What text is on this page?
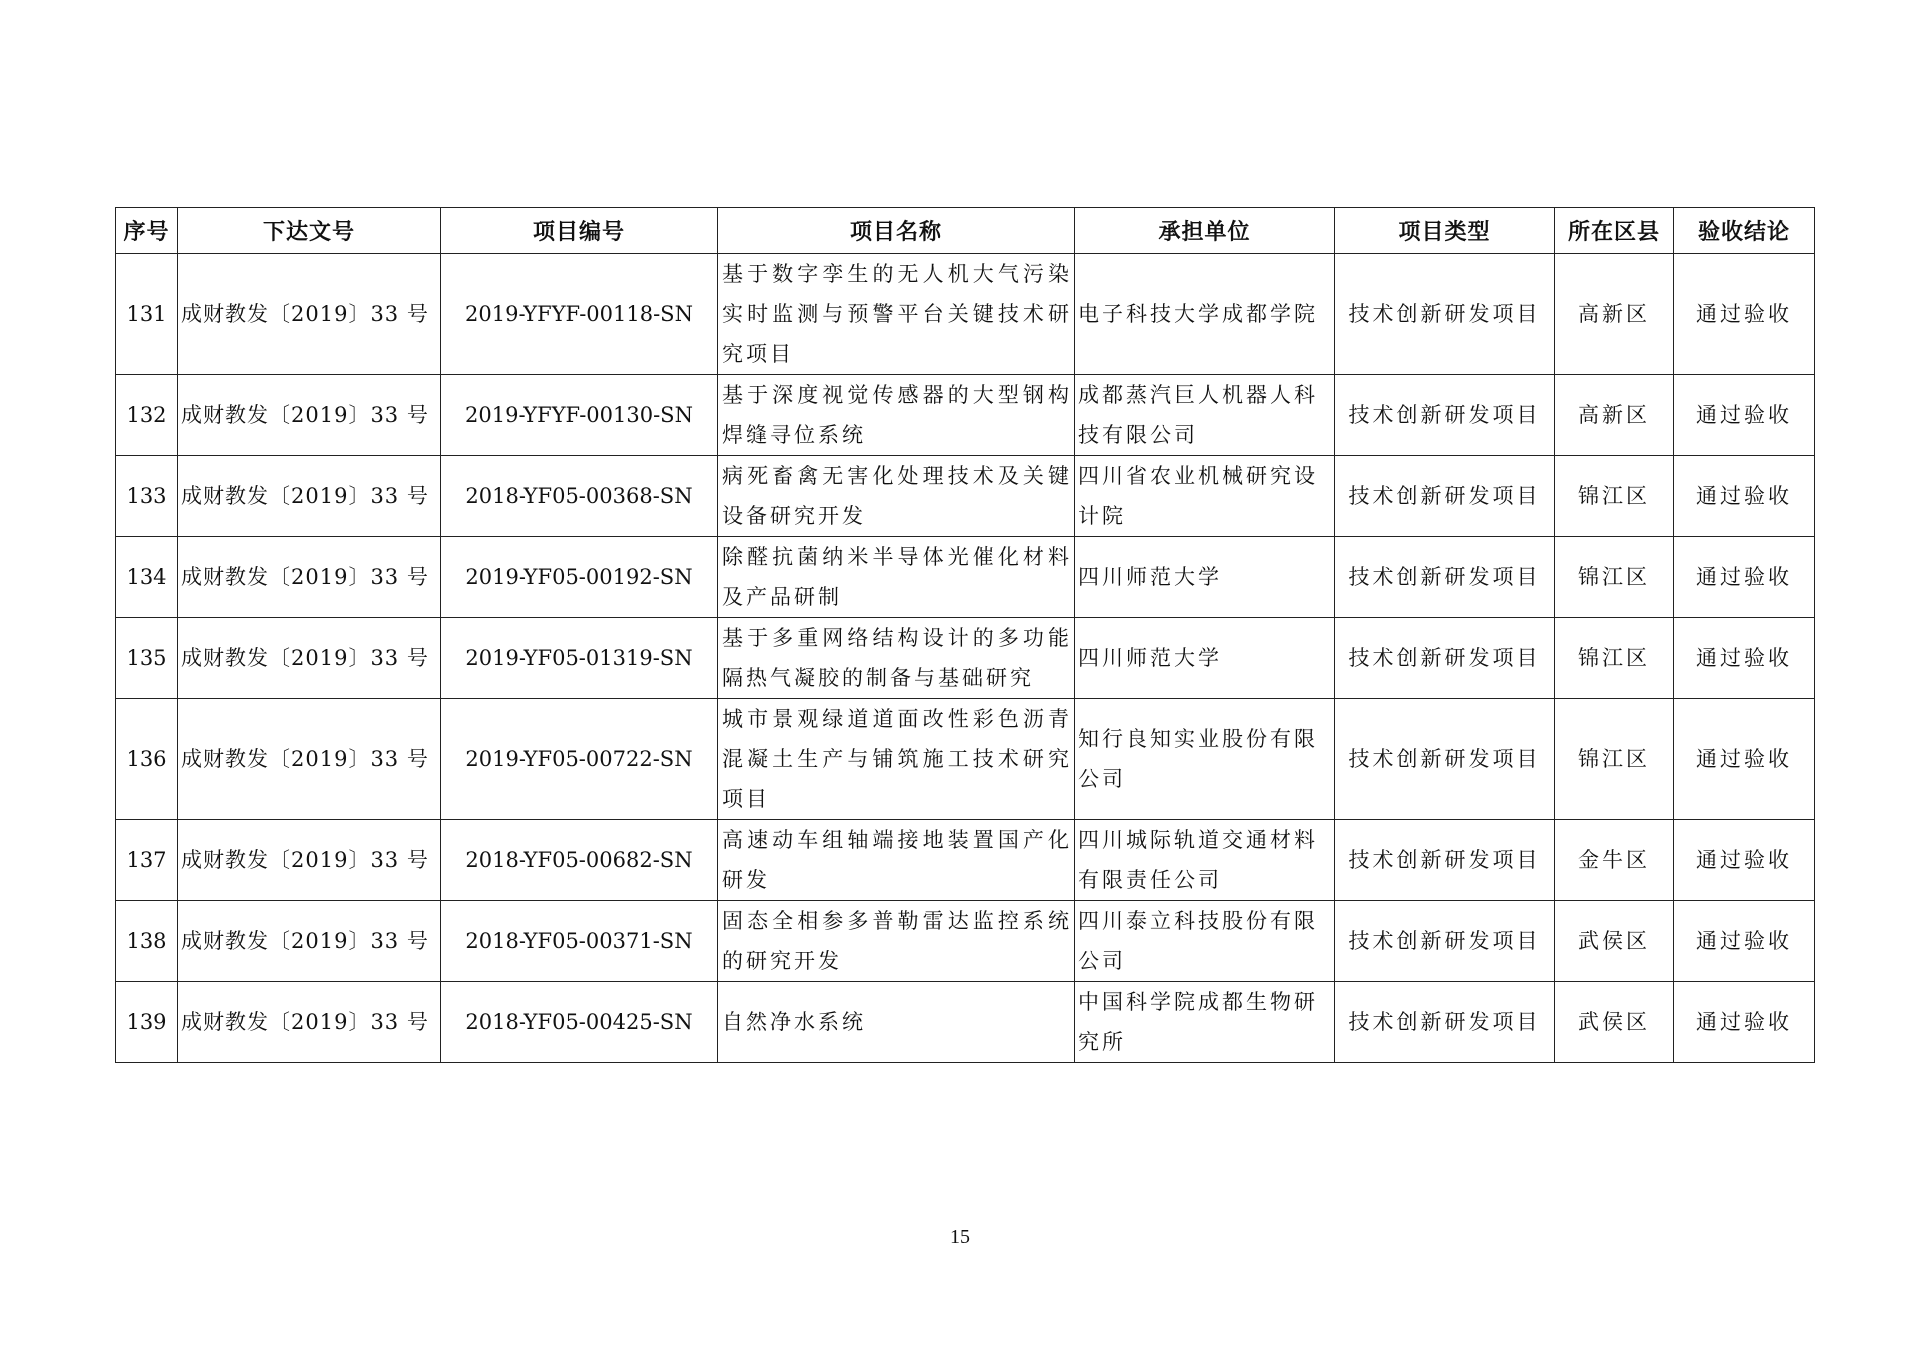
序号	下达文号	项目编号	项目名称	承担单位	项目类型	所在区县	验收结论
131	成财教发〔2019〕33 号	2019-YFYF-00118-SN	基于数字孪生的无人机大气污染实时监测与预警平台关键技术研究项目	电子科技大学成都学院	技术创新研发项目	高新区	通过验收
132	成财教发〔2019〕33 号	2019-YFYF-00130-SN	基于深度视觉传感器的大型钢构焊缝寻位系统	成都蒸汽巨人机器人科技有限公司	技术创新研发项目	高新区	通过验收
133	成财教发〔2019〕33 号	2018-YF05-00368-SN	病死畜禽无害化处理技术及关键设备研究开发	四川省农业机械研究设计院	技术创新研发项目	锦江区	通过验收
134	成财教发〔2019〕33 号	2019-YF05-00192-SN	除醛抗菌纳米半导体光催化材料及产品研制	四川师范大学	技术创新研发项目	锦江区	通过验收
135	成财教发〔2019〕33 号	2019-YF05-01319-SN	基于多重网络结构设计的多功能隔热气凝胶的制备与基础研究	四川师范大学	技术创新研发项目	锦江区	通过验收
136	成财教发〔2019〕33 号	2019-YF05-00722-SN	城市景观绿道道面改性彩色沥青混凝土生产与铺筑施工技术研究项目	知行良知实业股份有限公司	技术创新研发项目	锦江区	通过验收
137	成财教发〔2019〕33 号	2018-YF05-00682-SN	高速动车组轴端接地装置国产化研发	四川城际轨道交通材料有限责任公司	技术创新研发项目	金牛区	通过验收
138	成财教发〔2019〕33 号	2018-YF05-00371-SN	固态全相参多普勒雷达监控系统的研究开发	四川泰立科技股份有限公司	技术创新研发项目	武侯区	通过验收
139	成财教发〔2019〕33 号	2018-YF05-00425-SN	自然净水系统	中国科学院成都生物研究所	技术创新研发项目	武侯区	通过验收
15
